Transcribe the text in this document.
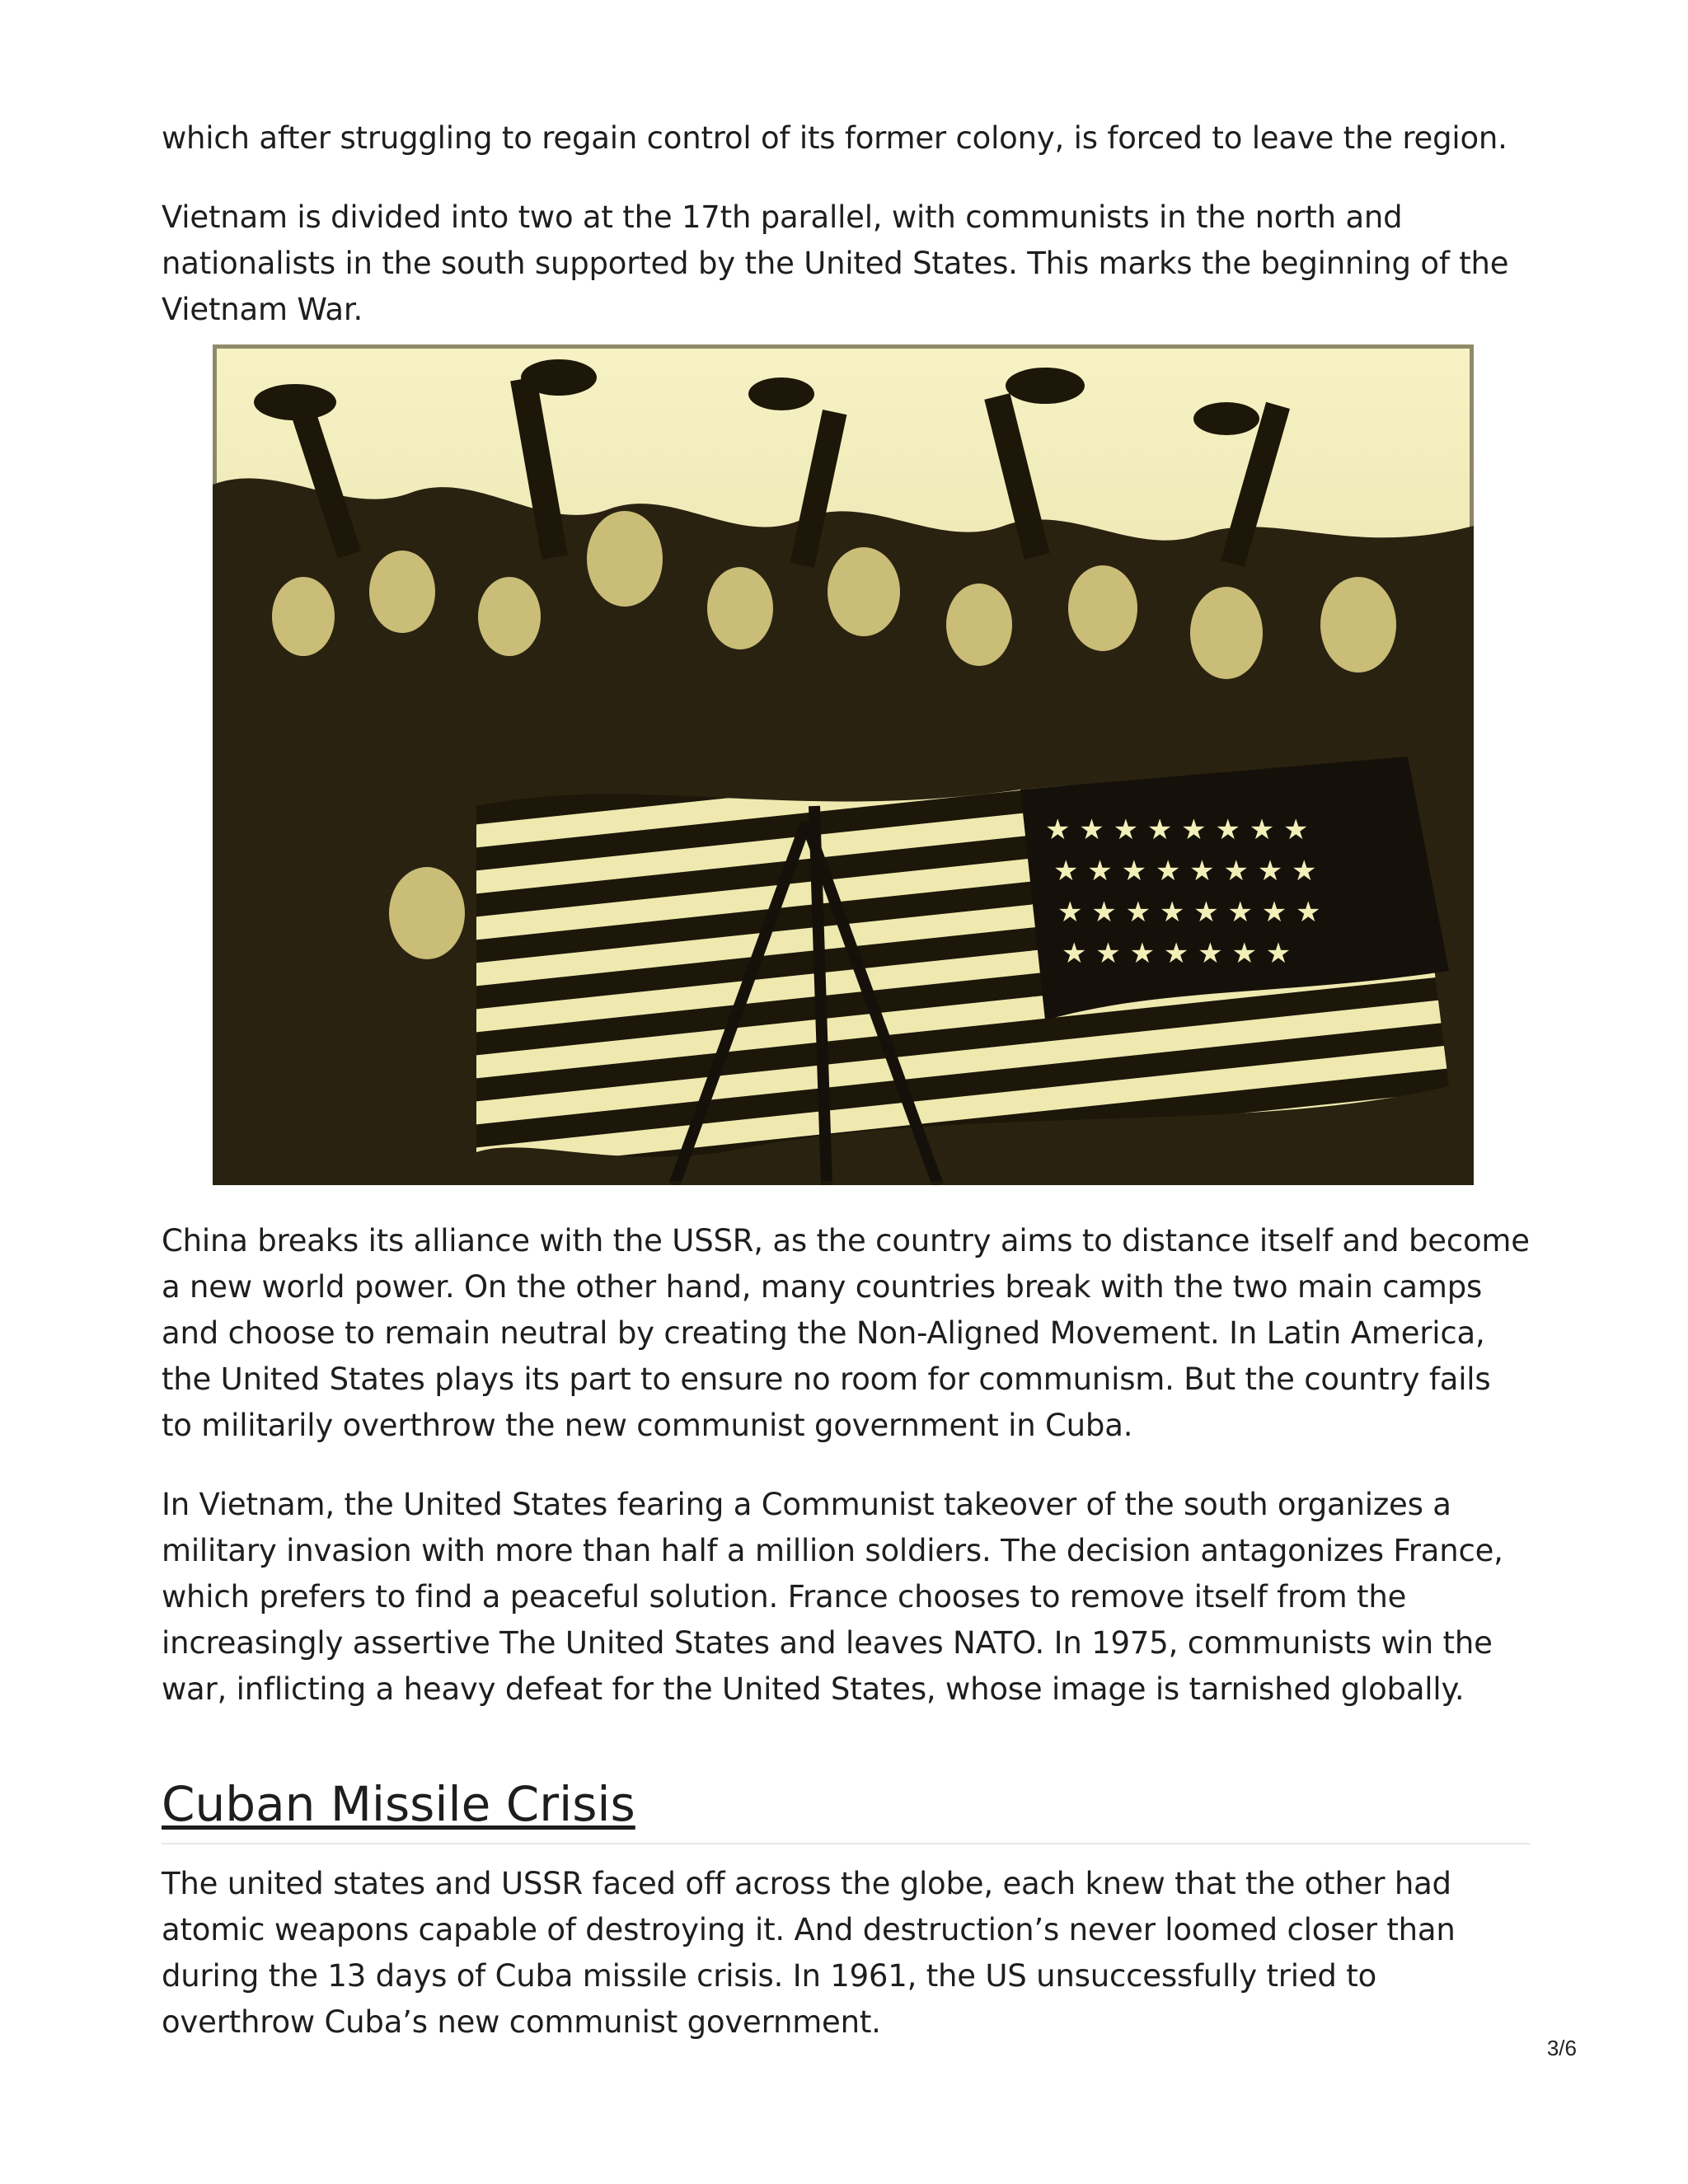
which after struggling to regain control of its former colony, is forced to leave the region.

Vietnam is divided into two at the 17th parallel, with communists in the north and nationalists in the south supported by the United States. This marks the beginning of the Vietnam War.

★ ★ ★ ★ ★ ★ ★ ★
★ ★ ★ ★ ★ ★ ★ ★
★ ★ ★ ★ ★ ★ ★ ★
★ ★ ★ ★ ★ ★ ★

China breaks its alliance with the USSR, as the country aims to distance itself and become a new world power. On the other hand, many countries break with the two main camps and choose to remain neutral by creating the Non-Aligned Movement. In Latin America, the United States plays its part to ensure no room for communism. But the country fails to militarily overthrow the new communist government in Cuba.

In Vietnam, the United States fearing a Communist takeover of the south organizes a military invasion with more than half a million soldiers. The decision antagonizes France, which prefers to find a peaceful solution. France chooses to remove itself from the increasingly assertive The United States and leaves NATO. In 1975, communists win the war, inflicting a heavy defeat for the United States, whose image is tarnished globally.

Cuban Missile Crisis

The united states and USSR faced off across the globe, each knew that the other had atomic weapons capable of destroying it. And destruction’s never loomed closer than during the 13 days of Cuba missile crisis. In 1961, the US unsuccessfully tried to overthrow Cuba’s new communist government.

3/6
